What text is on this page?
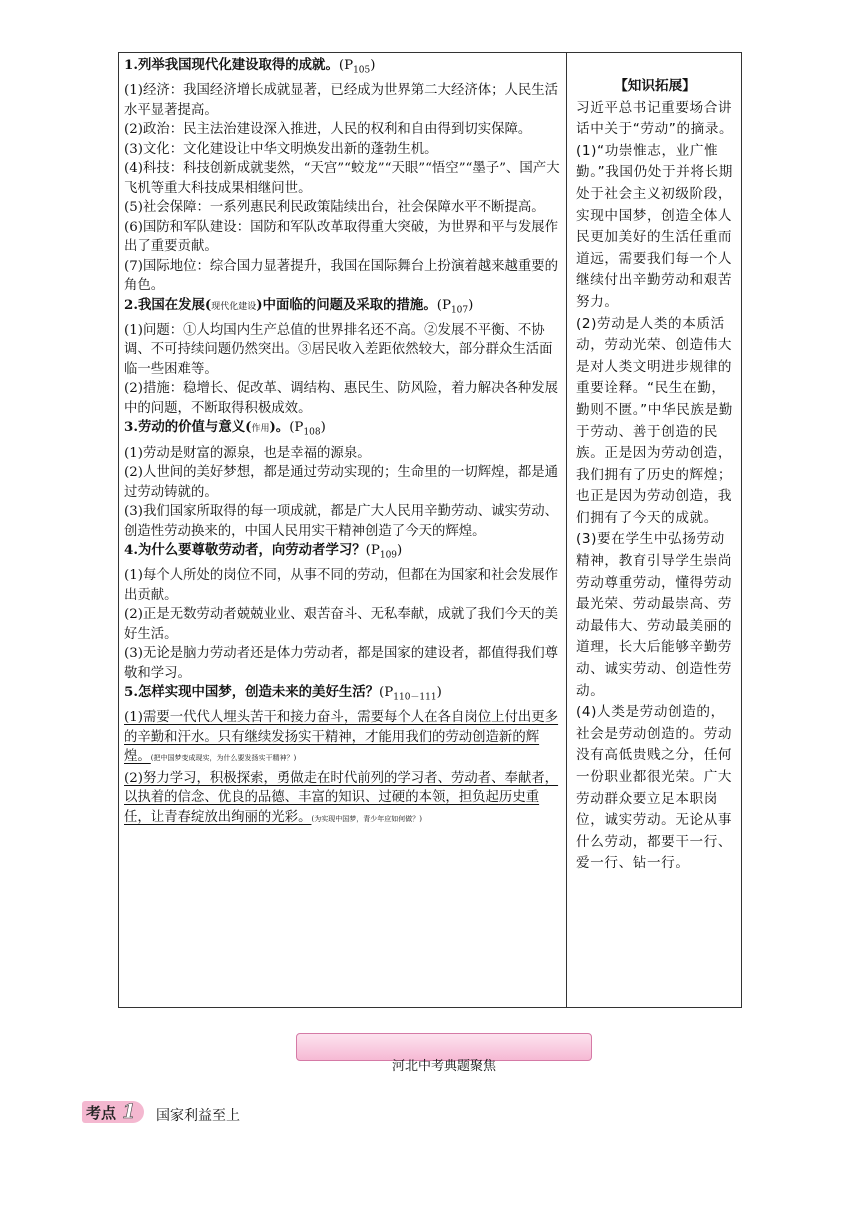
1.列举我国现代化建设取得的成就。$(P_{105})$

(1)经济：我国经济增长成就显著，已经成为世界第二大经济体；人民生活水平显著提高。

(2)政治：民主法治建设深入推进，人民的权利和自由得到切实保障。

(3)文化：文化建设让中华文明焕发出新的蓬勃生机。

(4)科技：科技创新成就斐然，“天宫”“蛟龙”“天眼”“悟空”“墨子”、国产大飞机等重大科技成果相继问世。

(5)社会保障：一系列惠民利民政策陆续出台，社会保障水平不断提高。

(6)国防和军队建设：国防和军队改革取得重大突破，为世界和平与发展作出了重要贡献。

(7)国际地位：综合国力显著提升，我国在国际舞台上扮演着越来越重要的角色。

2.我国在发展(现代化建设)中面临的问题及采取的措施。$(P_{107})$

(1)问题：①人均国内生产总值的世界排名还不高。②发展不平衡、不协调、不可持续问题仍然突出。③居民收入差距依然较大，部分群众生活面临一些困难等。

(2)措施：稳增长、促改革、调结构、惠民生、防风险，着力解决各种发展中的问题，不断取得积极成效。

3.劳动的价值与意义(作用)。$(P_{108})$

(1)劳动是财富的源泉，也是幸福的源泉。

(2)人世间的美好梦想，都是通过劳动实现的；生命里的一切辉煌，都是通过劳动铸就的。

(3)我们国家所取得的每一项成就，都是广大人民用辛勤劳动、诚实劳动、创造性劳动换来的，中国人民用实干精神创造了今天的辉煌。

4.为什么要尊敬劳动者，向劳动者学习？$(P_{109})$

(1)每个人所处的岗位不同，从事不同的劳动，但都在为国家和社会发展作出贡献。

(2)正是无数劳动者兢兢业业、艰苦奋斗、无私奉献，成就了我们今天的美好生活。

(3)无论是脑力劳动者还是体力劳动者，都是国家的建设者，都值得我们尊敬和学习。

5.怎样实现中国梦，创造未来的美好生活？$(P_{110-111})$

(1)需要一代代人埋头苦干和接力奋斗，需要每个人在各自岗位上付出更多的辛勤和汗水。只有继续发扬实干精神，才能用我们的劳动创造新的辉煌。(把中国梦变成现实，为什么要发扬实干精神？)

(2)努力学习，积极探索，勇做走在时代前列的学习者、劳动者、奉献者，以执着的信念、优良的品德、丰富的知识、过硬的本领，担负起历史重任，让青春绽放出绚丽的光彩。(为实现中国梦，青少年应如何做？)

【知识拓展】

习近平总书记重要场合讲话中关于“劳动”的摘录。

(1)“功崇惟志，业广惟勤。”我国仍处于并将长期处于社会主义初级阶段，实现中国梦，创造全体人民更加美好的生活任重而道远，需要我们每一个人继续付出辛勤劳动和艰苦努力。

(2)劳动是人类的本质活动，劳动光荣、创造伟大是对人类文明进步规律的重要诠释。“民生在勤，勤则不匮。”中华民族是勤于劳动、善于创造的民族。正是因为劳动创造，我们拥有了历史的辉煌；也正是因为劳动创造，我们拥有了今天的成就。

(3)要在学生中弘扬劳动精神，教育引导学生崇尚劳动尊重劳动，懂得劳动最光荣、劳动最崇高、劳动最伟大、劳动最美丽的道理，长大后能够辛勤劳动、诚实劳动、创造性劳动。

(4)人类是劳动创造的，社会是劳动创造的。劳动没有高低贵贱之分，任何一份职业都很光荣。广大劳动群众要立足本职岗位，诚实劳动。无论从事什么劳动，都要干一行、爱一行、钻一行。

河北中考典题聚焦
考点 1 国家利益至上
